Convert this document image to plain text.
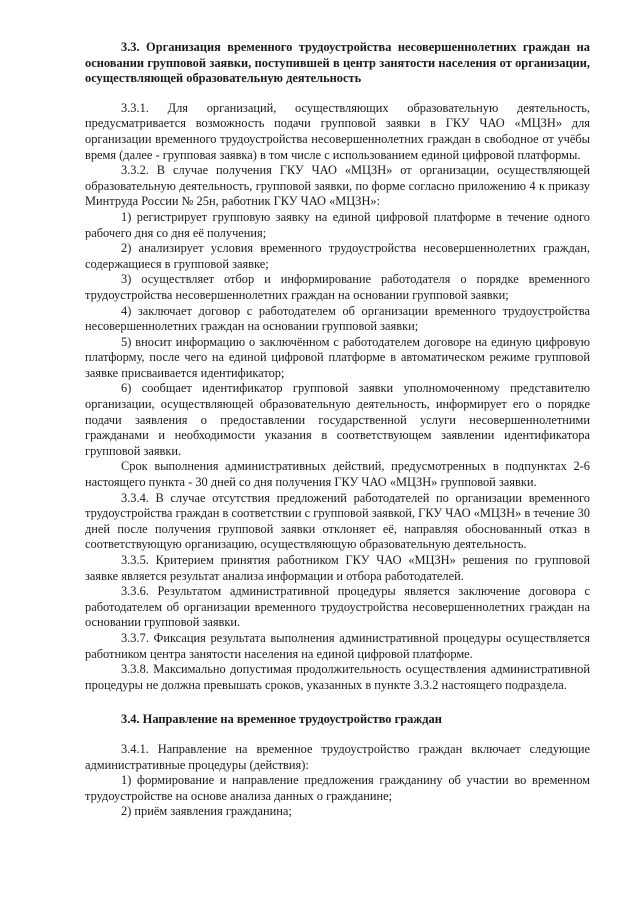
3.3. Организация временного трудоустройства несовершеннолетних граждан на основании групповой заявки, поступившей в центр занятости населения от организации, осуществляющей образовательную деятельность

3.3.1. Для организаций, осуществляющих образовательную деятельность, предусматривается возможность подачи групповой заявки в ГКУ ЧАО «МЦЗН» для организации временного трудоустройства несовершеннолетних граждан в свободное от учёбы время (далее - групповая заявка) в том числе с использованием единой цифровой платформы.

3.3.2. В случае получения ГКУ ЧАО «МЦЗН» от организации, осуществляющей образовательную деятельность, групповой заявки, по форме согласно приложению 4 к приказу Минтруда России № 25н, работник ГКУ ЧАО «МЦЗН»:

1) регистрирует групповую заявку на единой цифровой платформе в течение одного рабочего дня со дня её получения;

2) анализирует условия временного трудоустройства несовершеннолетних граждан, содержащиеся в групповой заявке;

3) осуществляет отбор и информирование работодателя о порядке временного трудоустройства несовершеннолетних граждан на основании групповой заявки;

4) заключает договор с работодателем об организации временного трудоустройства несовершеннолетних граждан на основании групповой заявки;

5) вносит информацию о заключённом с работодателем договоре на единую цифровую платформу, после чего на единой цифровой платформе в автоматическом режиме групповой заявке присваивается идентификатор;

6) сообщает идентификатор групповой заявки уполномоченному представителю организации, осуществляющей образовательную деятельность, информирует его о порядке подачи заявления о предоставлении государственной услуги несовершеннолетними гражданами и необходимости указания в соответствующем заявлении идентификатора групповой заявки.

Срок выполнения административных действий, предусмотренных в подпунктах 2-6 настоящего пункта - 30 дней со дня получения ГКУ ЧАО «МЦЗН» групповой заявки.

3.3.4. В случае отсутствия предложений работодателей по организации временного трудоустройства граждан в соответствии с групповой заявкой, ГКУ ЧАО «МЦЗН» в течение 30 дней после получения групповой заявки отклоняет её, направляя обоснованный отказ в соответствующую организацию, осуществляющую образовательную деятельность.

3.3.5. Критерием принятия работником ГКУ ЧАО «МЦЗН» решения по групповой заявке является результат анализа информации и отбора работодателей.

3.3.6. Результатом административной процедуры является заключение договора с работодателем об организации временного трудоустройства несовершеннолетних граждан на основании групповой заявки.

3.3.7. Фиксация результата выполнения административной процедуры осуществляется работником центра занятости населения на единой цифровой платформе.

3.3.8. Максимально допустимая продолжительность осуществления административной процедуры не должна превышать сроков, указанных в пункте 3.3.2 настоящего подраздела.

3.4. Направление на временное трудоустройство граждан

3.4.1. Направление на временное трудоустройство граждан включает следующие административные процедуры (действия):

1) формирование и направление предложения гражданину об участии во временном трудоустройстве на основе анализа данных о гражданине;

2) приём заявления гражданина;
